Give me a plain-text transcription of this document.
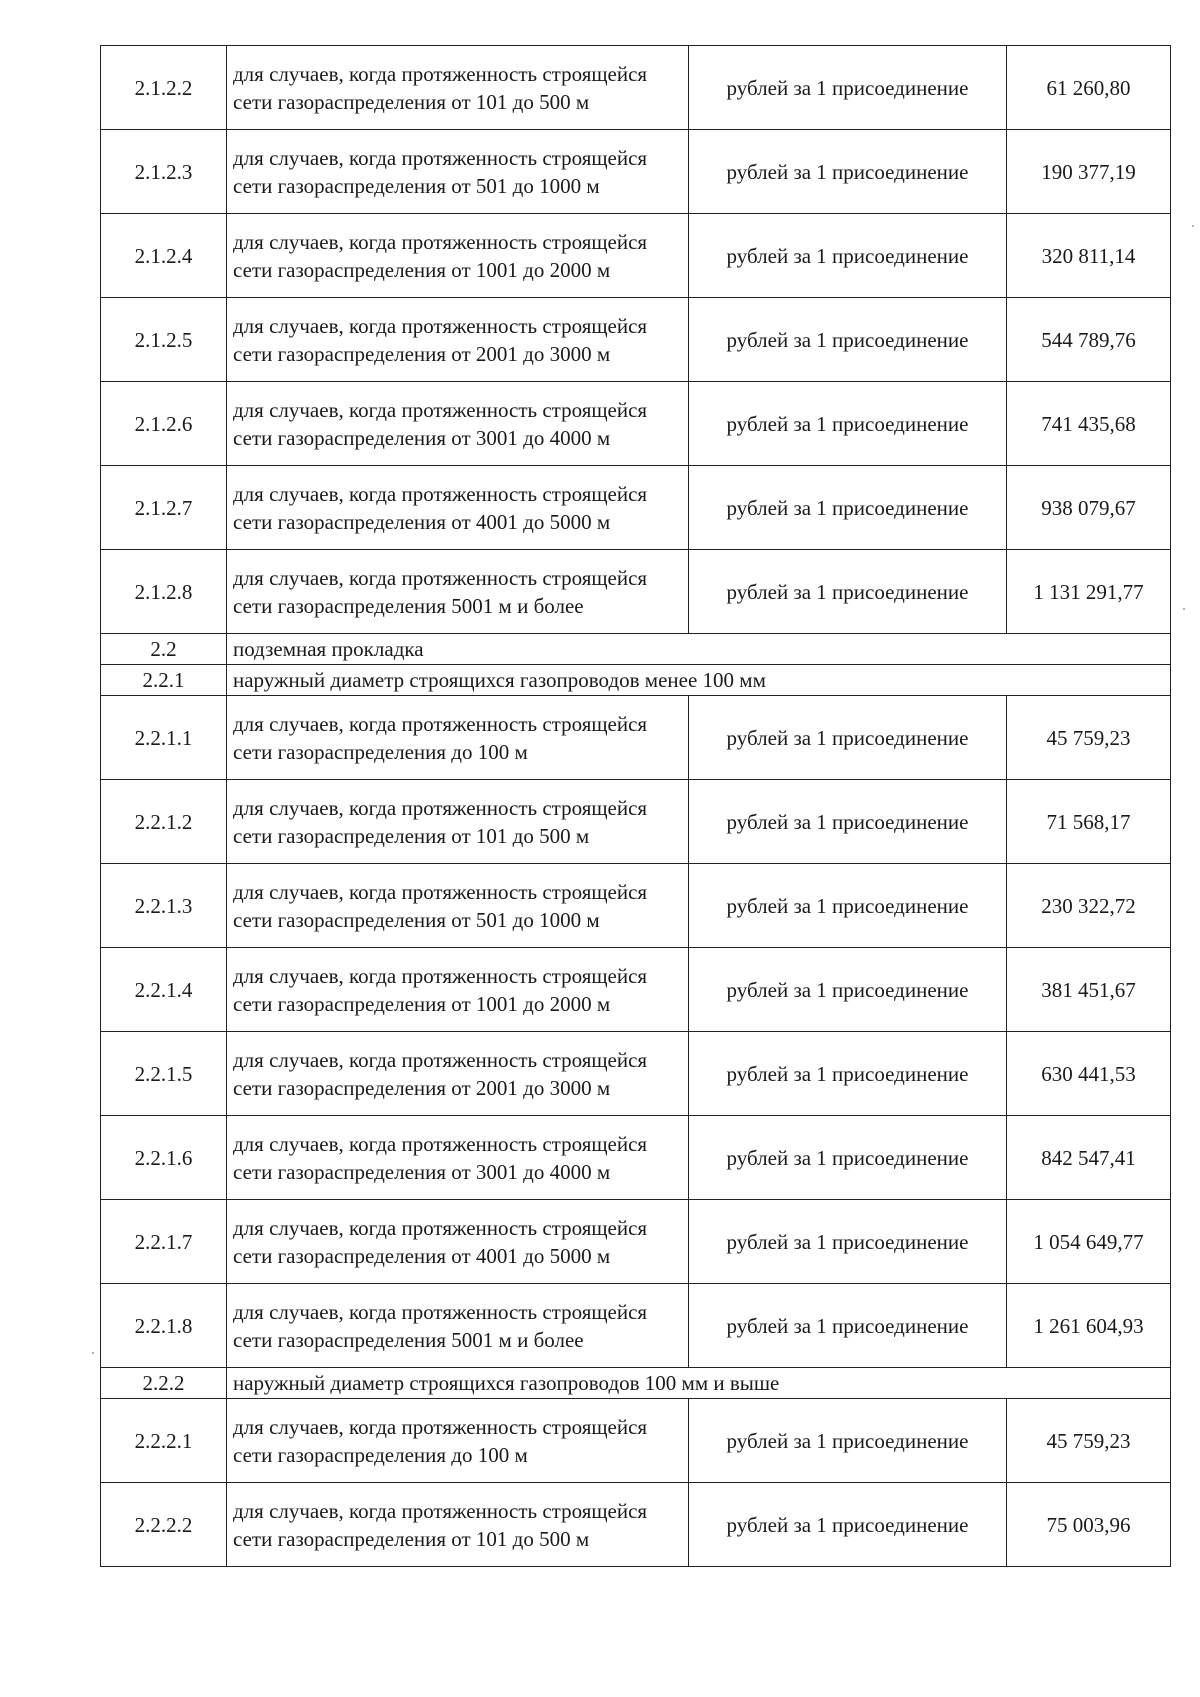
2.1.2.2	для случаев, когда протяженность строящейся сети газораспределения от 101 до 500 м	рублей за 1 присоединение	61 260,80
2.1.2.3	для случаев, когда протяженность строящейся сети газораспределения от 501 до 1000 м	рублей за 1 присоединение	190 377,19
2.1.2.4	для случаев, когда протяженность строящейся сети газораспределения от 1001 до 2000 м	рублей за 1 присоединение	320 811,14
2.1.2.5	для случаев, когда протяженность строящейся сети газораспределения от 2001 до 3000 м	рублей за 1 присоединение	544 789,76
2.1.2.6	для случаев, когда протяженность строящейся сети газораспределения от 3001 до 4000 м	рублей за 1 присоединение	741 435,68
2.1.2.7	для случаев, когда протяженность строящейся сети газораспределения от 4001 до 5000 м	рублей за 1 присоединение	938 079,67
2.1.2.8	для случаев, когда протяженность строящейся сети газораспределения 5001 м и более	рублей за 1 присоединение	1 131 291,77
2.2	подземная прокладка		
2.2.1	наружный диаметр строящихся газопроводов менее 100 мм		
2.2.1.1	для случаев, когда протяженность строящейся сети газораспределения до 100 м	рублей за 1 присоединение	45 759,23
2.2.1.2	для случаев, когда протяженность строящейся сети газораспределения от 101 до 500 м	рублей за 1 присоединение	71 568,17
2.2.1.3	для случаев, когда протяженность строящейся сети газораспределения от 501 до 1000 м	рублей за 1 присоединение	230 322,72
2.2.1.4	для случаев, когда протяженность строящейся сети газораспределения от 1001 до 2000 м	рублей за 1 присоединение	381 451,67
2.2.1.5	для случаев, когда протяженность строящейся сети газораспределения от 2001 до 3000 м	рублей за 1 присоединение	630 441,53
2.2.1.6	для случаев, когда протяженность строящейся сети газораспределения от 3001 до 4000 м	рублей за 1 присоединение	842 547,41
2.2.1.7	для случаев, когда протяженность строящейся сети газораспределения от 4001 до 5000 м	рублей за 1 присоединение	1 054 649,77
2.2.1.8	для случаев, когда протяженность строящейся сети газораспределения 5001 м и более	рублей за 1 присоединение	1 261 604,93
2.2.2	наружный диаметр строящихся газопроводов 100 мм и выше		
2.2.2.1	для случаев, когда протяженность строящейся сети газораспределения до 100 м	рублей за 1 присоединение	45 759,23
2.2.2.2	для случаев, когда протяженность строящейся сети газораспределения от 101 до 500 м	рублей за 1 присоединение	75 003,96
